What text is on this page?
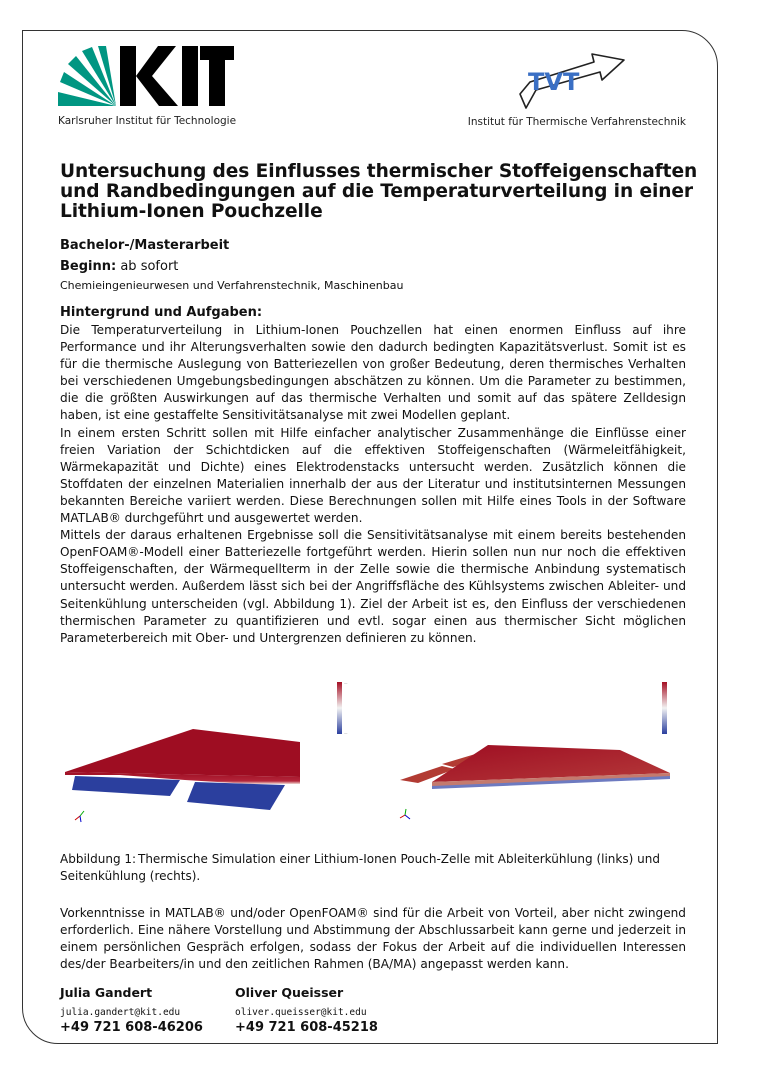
Karlsruher Institut für Technologie
TVT
Institut für Thermische Verfahrenstechnik
Untersuchung des Einflusses thermischer Stoffeigenschaften und Randbedingungen auf die Temperaturverteilung in einer Lithium-Ionen Pouchzelle
Bachelor-/Masterarbeit
Beginn: ab sofort
Chemieingenieurwesen und Verfahrenstechnik, Maschinenbau
Hintergrund und Aufgaben:

Die Temperaturverteilung in Lithium-Ionen Pouchzellen hat einen enormen Einfluss auf ihre Performance und ihr Alterungsverhalten sowie den dadurch bedingten Kapazitätsverlust. Somit ist es für die thermische Auslegung von Batteriezellen von großer Bedeutung, deren thermisches Verhalten bei verschiedenen Umgebungsbedingungen abschätzen zu können. Um die Parameter zu bestimmen, die die größten Auswirkungen auf das thermische Verhalten und somit auf das spätere Zelldesign haben, ist eine gestaffelte Sensitivitätsanalyse mit zwei Modellen geplant.

In einem ersten Schritt sollen mit Hilfe einfacher analytischer Zusammenhänge die Einflüsse einer freien Variation der Schichtdicken auf die effektiven Stoffeigenschaften (Wärmeleitfähigkeit, Wärmekapazität und Dichte) eines Elektrodenstacks untersucht werden. Zusätzlich können die Stoffdaten der einzelnen Materialien innerhalb der aus der Literatur und institutsinternen Messungen bekannten Bereiche variiert werden. Diese Berechnungen sollen mit Hilfe eines Tools in der Software MATLAB® durchgeführt und ausgewertet werden.

Mittels der daraus erhaltenen Ergebnisse soll die Sensitivitätsanalyse mit einem bereits bestehenden OpenFOAM®-Modell einer Batteriezelle fortgeführt werden. Hierin sollen nun nur noch die effektiven Stoffeigenschaften, der Wärmequellterm in der Zelle sowie die thermische Anbindung systematisch untersucht werden. Außerdem lässt sich bei der Angriffsfläche des Kühlsystems zwischen Ableiter- und Seitenkühlung unterscheiden (vgl. Abbildung 1). Ziel der Arbeit ist es, den Einfluss der verschiedenen thermischen Parameter zu quantifizieren und evtl. sogar einen aus thermischer Sicht möglichen Parameterbereich mit Ober- und Untergrenzen definieren zu können.

—
—
Abbildung 1: Thermische Simulation einer Lithium-Ionen Pouch-Zelle mit Ableiterkühlung (links) und Seitenkühlung (rechts).
Vorkenntnisse in MATLAB® und/oder OpenFOAM® sind für die Arbeit von Vorteil, aber nicht zwingend erforderlich. Eine nähere Vorstellung und Abstimmung der Abschlussarbeit kann gerne und jederzeit in einem persönlichen Gespräch erfolgen, sodass der Fokus der Arbeit auf die individuellen Interessen des/der Bearbeiters/in und den zeitlichen Rahmen (BA/MA) angepasst werden kann.
Julia Gandert
julia.gandert@kit.edu
+49 721 608-46206
Oliver Queisser
oliver.queisser@kit.edu
+49 721 608-45218
